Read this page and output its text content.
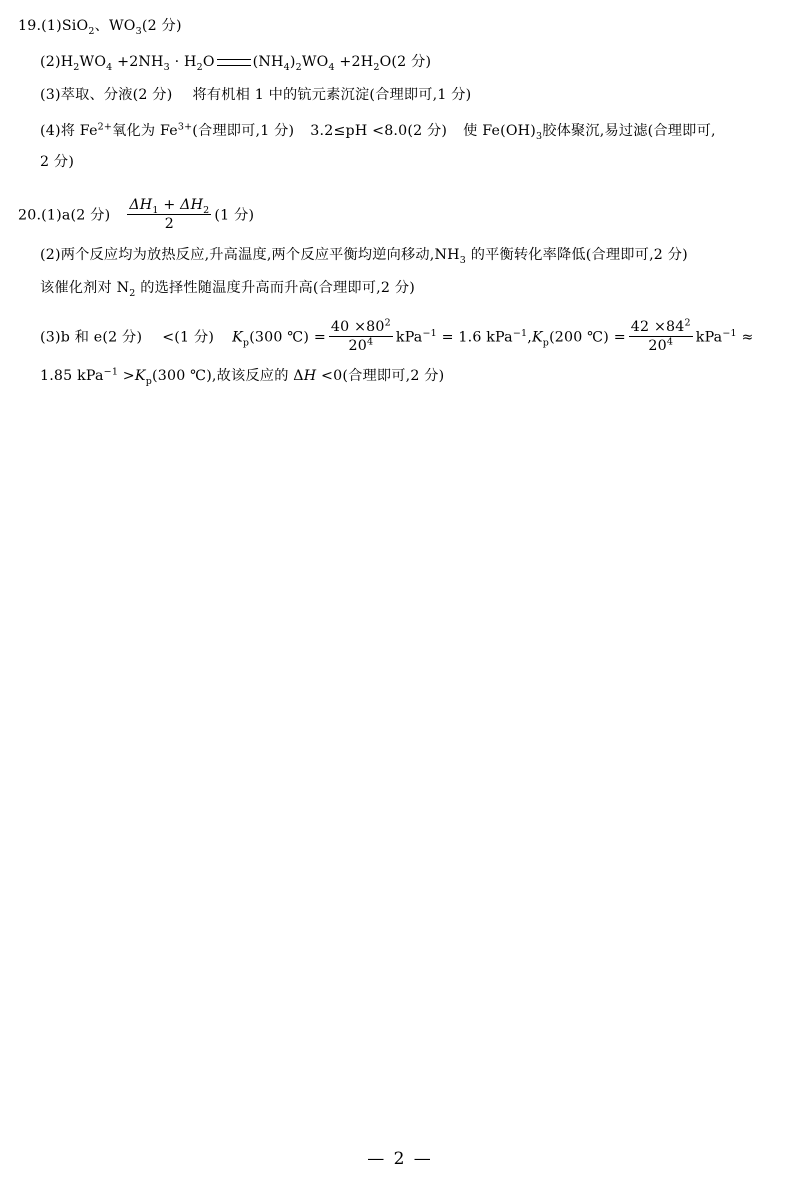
19.(1)SiO$_2$、$WO_3(2$ 分)
$(2)H_2WO_4 +2NH_3 \cdot H_2O$	$(NH_4)_2WO_4 +2H_2O(2$ 分)
(3)萃取、分液(2 分) 将有机相 1 中的钪元素沉淀(合理即可,1 分)
(4)将 $Fe^{2+}$氧化为 $Fe^{3+}$(合理即可,1 分) 3.2≤pH <8.0(2 分) 使 $Fe(OH)_3$胶体聚沉,易过滤(合理即可,
2 分)
20.(1)a(2 分) $\frac{\Delta H_1 + \Delta H_2}{2} (1$ 分)
(2)两个反应均为放热反应,升高温度,两个反应平衡均逆向移动$,NH_3$ 的平衡转化率降低(合理即可,2 分)
该催化剂对 $N_2$ 的选择性随温度升高而升高(合理即可,2 分)
(3)b 和 e(2 分) <(1 分) $K_p(300$ ℃) = $\frac{40 \times 80^2}{20^4} kPa^{-1} = 1.6$ $kPa^{-1},K_p(200$ ℃) = $\frac{42 \times 84^2}{20^4} kPa^{-1}$ ≈
1.85 $kPa^{-1} >K_p(300$ ℃),故该反应的 ΔH <0(合理即可,2 分)
— 2 —
